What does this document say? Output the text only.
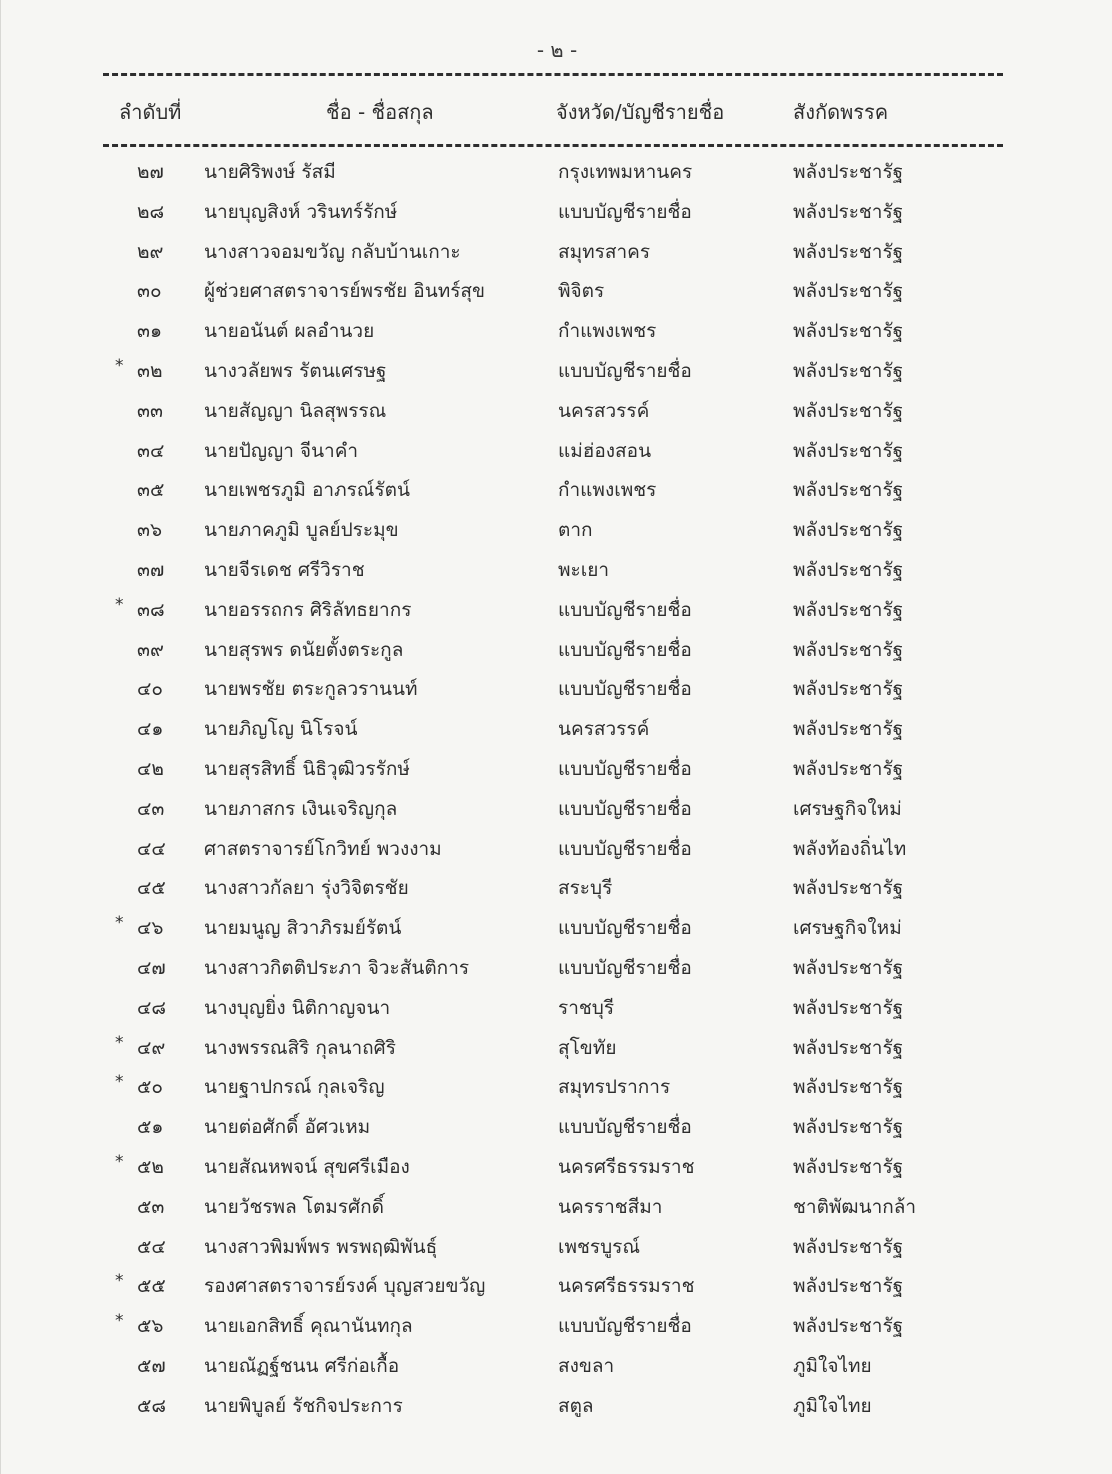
- ๒ -
ลำดับที่	ชื่อ - ชื่อสกุล	จังหวัด/บัญชีรายชื่อ	สังกัดพรรค
๒๗	นายศิริพงษ์ รัสมี	กรุงเทพมหานคร	พลังประชารัฐ
๒๘	นายบุญสิงห์ วรินทร์รักษ์	แบบบัญชีรายชื่อ	พลังประชารัฐ
๒๙	นางสาวจอมขวัญ กลับบ้านเกาะ	สมุทรสาคร	พลังประชารัฐ
๓๐	ผู้ช่วยศาสตราจารย์พรชัย อินทร์สุข	พิจิตร	พลังประชารัฐ
๓๑	นายอนันต์ ผลอำนวย	กำแพงเพชร	พลังประชารัฐ
* ๓๒	นางวลัยพร รัตนเศรษฐ	แบบบัญชีรายชื่อ	พลังประชารัฐ
๓๓	นายสัญญา นิลสุพรรณ	นครสวรรค์	พลังประชารัฐ
๓๔	นายปัญญา จีนาคำ	แม่ฮ่องสอน	พลังประชารัฐ
๓๕	นายเพชรภูมิ อาภรณ์รัตน์	กำแพงเพชร	พลังประชารัฐ
๓๖	นายภาคภูมิ บูลย์ประมุข	ตาก	พลังประชารัฐ
๓๗	นายจีรเดช ศรีวิราช	พะเยา	พลังประชารัฐ
* ๓๘	นายอรรถกร ศิริลัทธยากร	แบบบัญชีรายชื่อ	พลังประชารัฐ
๓๙	นายสุรพร ดนัยตั้งตระกูล	แบบบัญชีรายชื่อ	พลังประชารัฐ
๔๐	นายพรชัย ตระกูลวรานนท์	แบบบัญชีรายชื่อ	พลังประชารัฐ
๔๑	นายภิญโญ นิโรจน์	นครสวรรค์	พลังประชารัฐ
๔๒	นายสุรสิทธิ์ นิธิวุฒิวรรักษ์	แบบบัญชีรายชื่อ	พลังประชารัฐ
๔๓	นายภาสกร เงินเจริญกุล	แบบบัญชีรายชื่อ	เศรษฐกิจใหม่
๔๔	ศาสตราจารย์โกวิทย์ พวงงาม	แบบบัญชีรายชื่อ	พลังท้องถิ่นไท
๔๕	นางสาวกัลยา รุ่งวิจิตรชัย	สระบุรี	พลังประชารัฐ
* ๔๖	นายมนูญ สิวาภิรมย์รัตน์	แบบบัญชีรายชื่อ	เศรษฐกิจใหม่
๔๗	นางสาวกิตติประภา จิวะสันติการ	แบบบัญชีรายชื่อ	พลังประชารัฐ
๔๘	นางบุญยิ่ง นิติกาญจนา	ราชบุรี	พลังประชารัฐ
* ๔๙	นางพรรณสิริ กุลนาถศิริ	สุโขทัย	พลังประชารัฐ
* ๕๐	นายฐาปกรณ์ กุลเจริญ	สมุทรปราการ	พลังประชารัฐ
๕๑	นายต่อศักดิ์ อัศวเหม	แบบบัญชีรายชื่อ	พลังประชารัฐ
* ๕๒	นายสัณหพจน์ สุขศรีเมือง	นครศรีธรรมราช	พลังประชารัฐ
๕๓	นายวัชรพล โตมรศักดิ์	นครราชสีมา	ชาติพัฒนากล้า
๕๔	นางสาวพิมพ์พร พรพฤฒิพันธุ์	เพชรบูรณ์	พลังประชารัฐ
* ๕๕	รองศาสตราจารย์รงค์ บุญสวยขวัญ	นครศรีธรรมราช	พลังประชารัฐ
* ๕๖	นายเอกสิทธิ์ คุณานันทกุล	แบบบัญชีรายชื่อ	พลังประชารัฐ
๕๗	นายณัฏฐ์ชนน ศรีก่อเกื้อ	สงขลา	ภูมิใจไทย
๕๘	นายพิบูลย์ รัชกิจประการ	สตูล	ภูมิใจไทย
